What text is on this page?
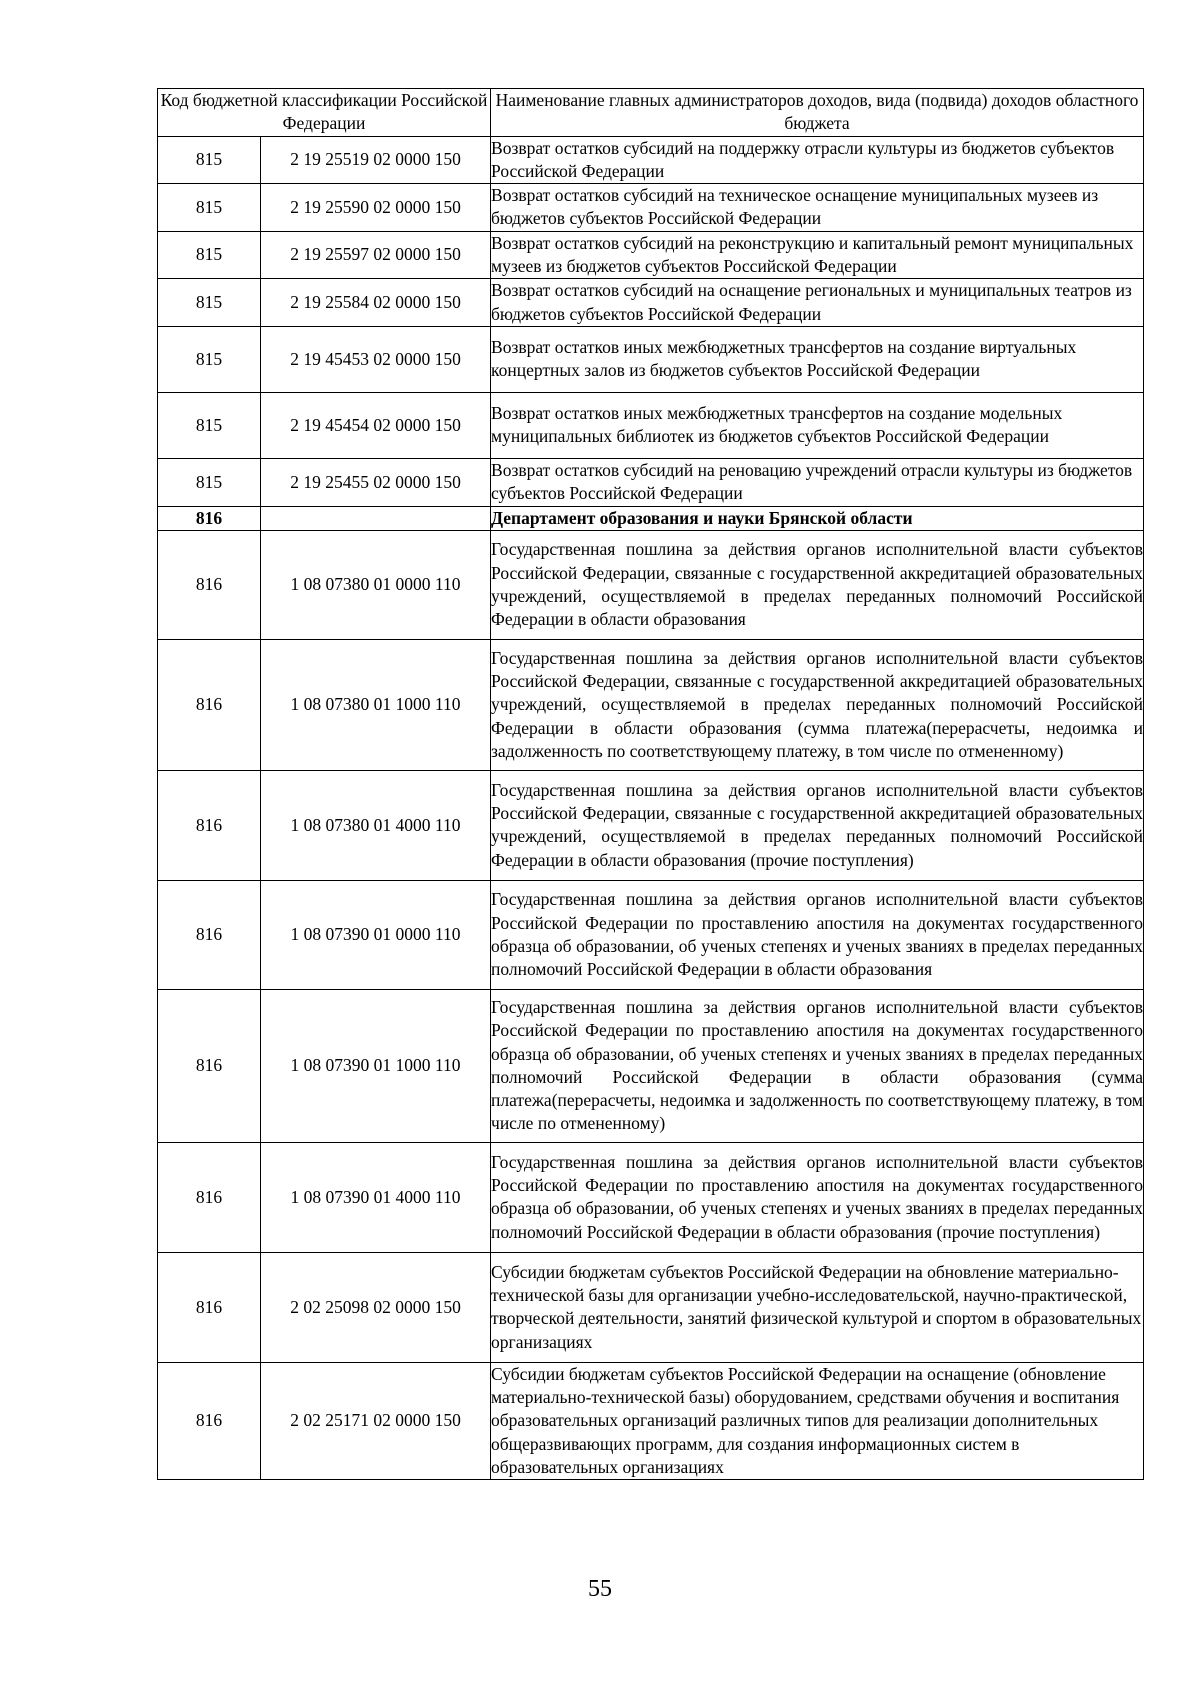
Код бюджетной классификации Российской Федерации		Наименование главных администраторов доходов, вида (подвида) доходов областного бюджета
815	2 19 25519 02 0000 150	Возврат остатков субсидий на поддержку отрасли культуры из бюджетов субъектов Российской Федерации
815	2 19 25590 02 0000 150	Возврат остатков субсидий на техническое оснащение муниципальных музеев из бюджетов субъектов Российской Федерации
815	2 19 25597 02 0000 150	Возврат остатков субсидий на реконструкцию и капитальный ремонт муниципальных музеев из бюджетов субъектов Российской Федерации
815	2 19 25584 02 0000 150	Возврат остатков субсидий на оснащение региональных и муниципальных театров из бюджетов субъектов Российской Федерации
815	2 19 45453 02 0000 150	Возврат остатков иных межбюджетных трансфертов на создание виртуальных концертных залов из бюджетов субъектов Российской Федерации
815	2 19 45454 02 0000 150	Возврат остатков иных межбюджетных трансфертов на создание модельных муниципальных библиотек из бюджетов субъектов Российской Федерации
815	2 19 25455 02 0000 150	Возврат остатков субсидий на реновацию учреждений отрасли культуры из бюджетов субъектов Российской Федерации
816		Департамент образования и науки Брянской области
816	1 08 07380 01 0000 110	Государственная пошлина за действия органов исполнительной власти субъектов Российской Федерации, связанные с государственной аккредитацией образовательных учреждений, осуществляемой в пределах переданных полномочий Российской Федерации в области образования
816	1 08 07380 01 1000 110	Государственная пошлина за действия органов исполнительной власти субъектов Российской Федерации, связанные с государственной аккредитацией образовательных учреждений, осуществляемой в пределах переданных полномочий Российской Федерации в области образования (сумма платежа(перерасчеты, недоимка и задолженность по соответствующему платежу, в том числе по отмененному)
816	1 08 07380 01 4000 110	Государственная пошлина за действия органов исполнительной власти субъектов Российской Федерации, связанные с государственной аккредитацией образовательных учреждений, осуществляемой в пределах переданных полномочий Российской Федерации в области образования (прочие поступления)
816	1 08 07390 01 0000 110	Государственная пошлина за действия органов исполнительной власти субъектов Российской Федерации по проставлению апостиля на документах государственного образца об образовании, об ученых степенях и ученых званиях в пределах переданных полномочий Российской Федерации в области образования
816	1 08 07390 01 1000 110	Государственная пошлина за действия органов исполнительной власти субъектов Российской Федерации по проставлению апостиля на документах государственного образца об образовании, об ученых степенях и ученых званиях в пределах переданных полномочий Российской Федерации в области образования (сумма платежа(перерасчеты, недоимка и задолженность по соответствующему платежу, в том числе по отмененному)
816	1 08 07390 01 4000 110	Государственная пошлина за действия органов исполнительной власти субъектов Российской Федерации по проставлению апостиля на документах государственного образца об образовании, об ученых степенях и ученых званиях в пределах переданных полномочий Российской Федерации в области образования (прочие поступления)
816	2 02 25098 02 0000 150	Субсидии бюджетам субъектов Российской Федерации на обновление материально-технической базы для организации учебно-исследовательской, научно-практической, творческой деятельности, занятий физической культурой и спортом в образовательных организациях
816	2 02 25171 02 0000 150	Субсидии бюджетам субъектов Российской Федерации на оснащение (обновление материально-технической базы) оборудованием, средствами обучения и воспитания образовательных организаций различных типов для реализации дополнительных общеразвивающих программ, для создания информационных систем в образовательных организациях
55
